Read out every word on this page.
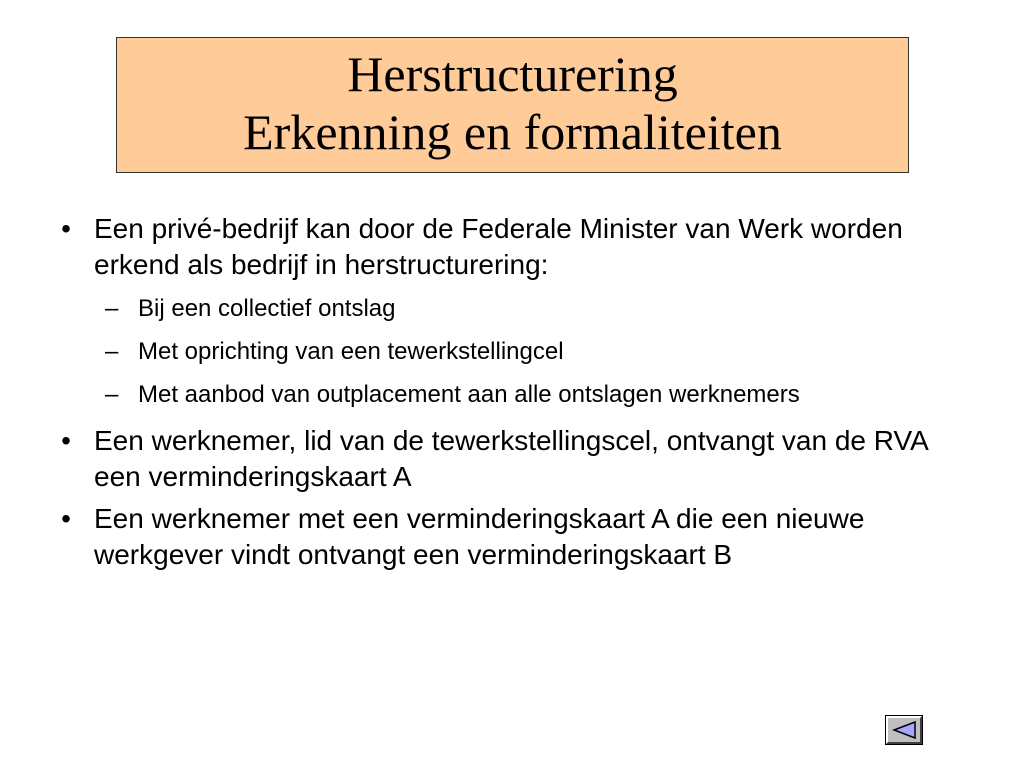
Herstructurering
Erkenning en formaliteiten
• Een privé-bedrijf kan door de Federale Minister van Werk worden erkend als bedrijf in herstructurering:
– Bij een collectief ontslag
– Met oprichting van een tewerkstellingcel
– Met aanbod van outplacement aan alle ontslagen werknemers
• Een werknemer, lid van de tewerkstellingscel, ontvangt van de RVA een verminderingskaart A
• Een werknemer met een verminderingskaart A die een nieuwe werkgever vindt ontvangt een verminderingskaart B
